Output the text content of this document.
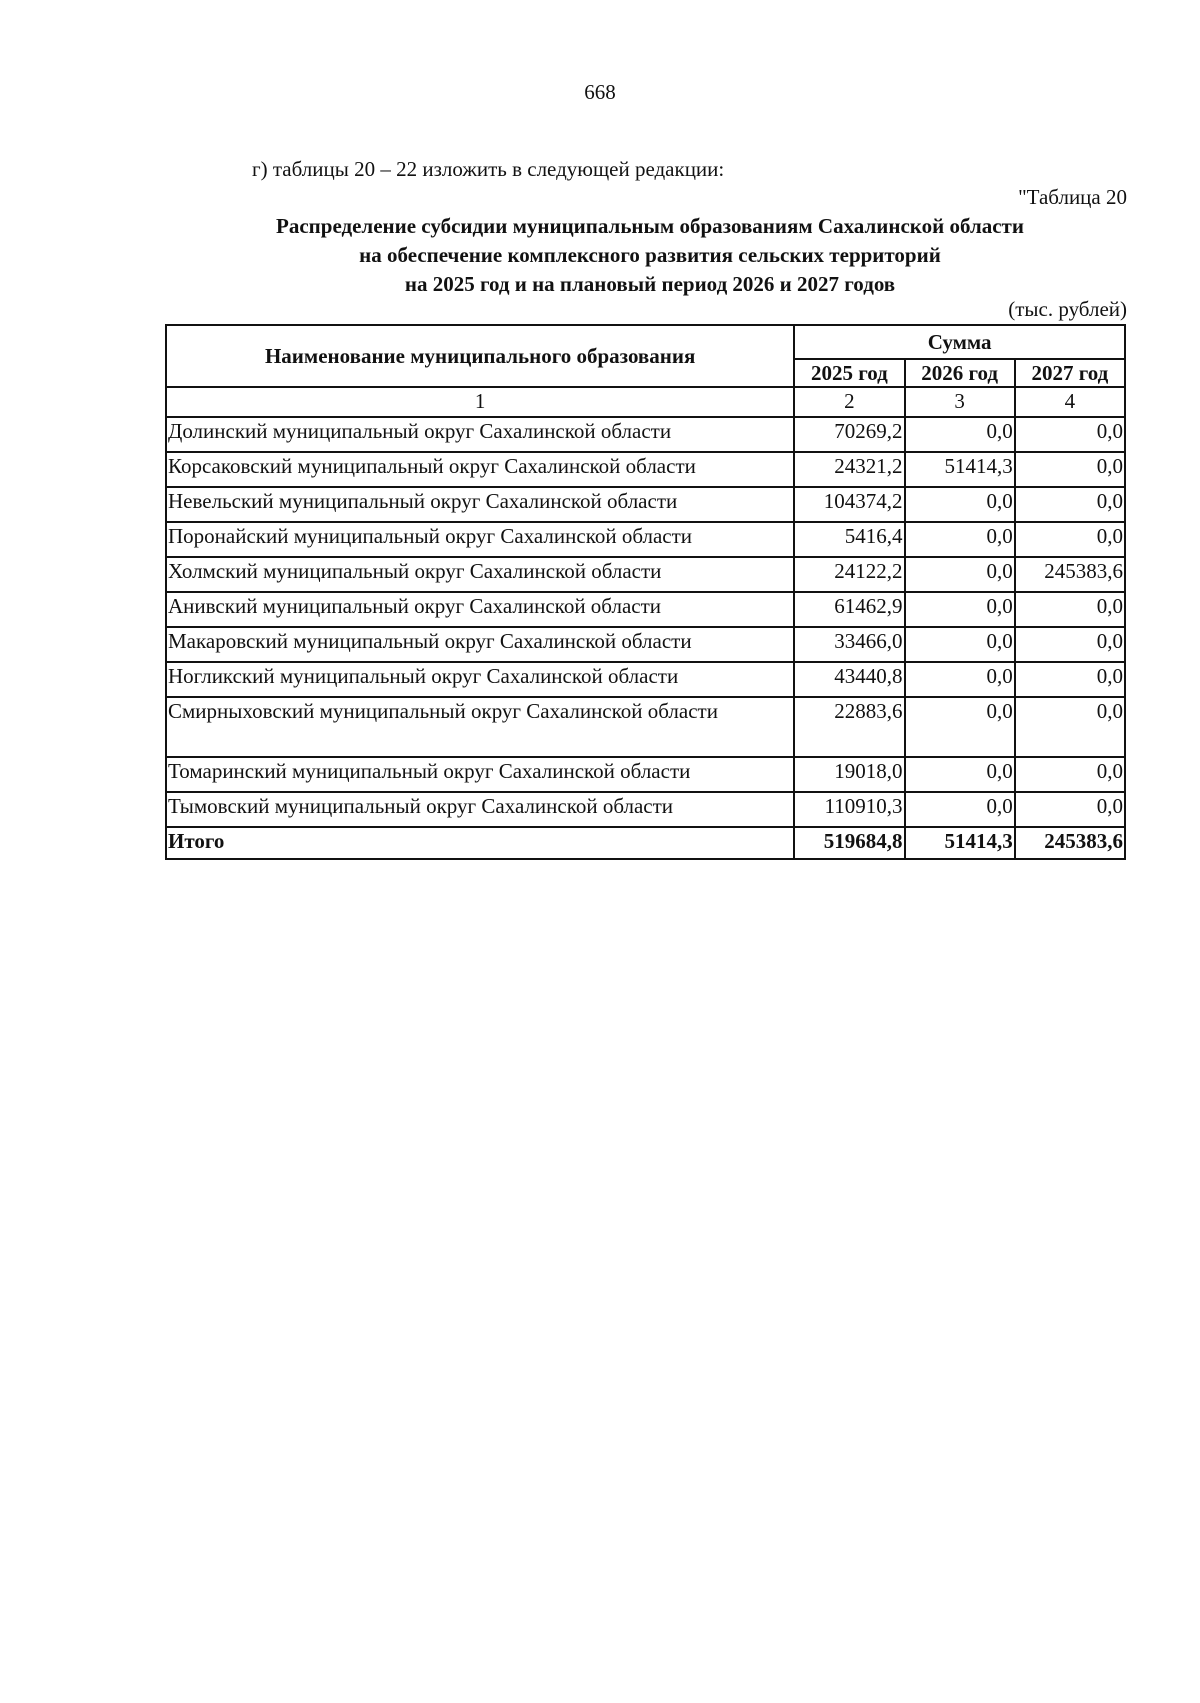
668
г) таблицы 20 – 22 изложить в следующей редакции:
"Таблица 20
Распределение субсидии муниципальным образованиям Сахалинской области
на обеспечение комплексного развития сельских территорий
на 2025 год и на плановый период 2026 и 2027 годов
(тыс. рублей)
Наименование муниципального образования	Сумма		
	2025 год	2026 год	2027 год
1	2	3	4
Долинский муниципальный округ Сахалинской области	70269,2	0,0	0,0
Корсаковский муниципальный округ Сахалинской области	24321,2	51414,3	0,0
Невельский муниципальный округ Сахалинской области	104374,2	0,0	0,0
Поронайский муниципальный округ Сахалинской области	5416,4	0,0	0,0
Холмский муниципальный округ Сахалинской области	24122,2	0,0	245383,6
Анивский муниципальный округ Сахалинской области	61462,9	0,0	0,0
Макаровский муниципальный округ Сахалинской области	33466,0	0,0	0,0
Ногликский муниципальный округ Сахалинской области	43440,8	0,0	0,0
Смирныховский муниципальный округ Сахалинской области	22883,6	0,0	0,0
Томаринский муниципальный округ Сахалинской области	19018,0	0,0	0,0
Тымовский муниципальный округ Сахалинской области	110910,3	0,0	0,0
Итого	519684,8	51414,3	245383,6
